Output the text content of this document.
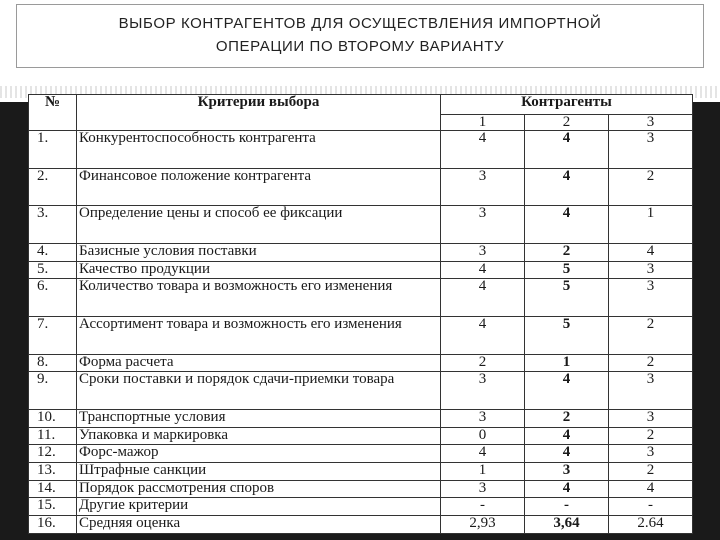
ВЫБОР КОНТРАГЕНТОВ ДЛЯ ОСУЩЕСТВЛЕНИЯ ИМПОРТНОЙ
ОПЕРАЦИИ ПО ВТОРОМУ ВАРИАНТУ
№	Критерии выбора	Контрагенты		
		1	2	3
1.	Конкурентоспособность контрагента	4	4	3
2.	Финансовое положение контрагента	3	4	2
3.	Определение цены и способ ее фиксации	3	4	1
4.	Базисные условия поставки	3	2	4
5.	Качество продукции	4	5	3
6.	Количество товара и возможность его изменения	4	5	3
7.	Ассортимент товара и возможность его изменения	4	5	2
8.	Форма расчета	2	1	2
9.	Сроки поставки и порядок сдачи-приемки товара	3	4	3
10.	Транспортные условия	3	2	3
11.	Упаковка и маркировка	0	4	2
12.	Форс-мажор	4	4	3
13.	Штрафные санкции	1	3	2
14.	Порядок рассмотрения споров	3	4	4
15.	Другие критерии	-	-	-
16.	Средняя оценка	2,93	3,64	2.64
